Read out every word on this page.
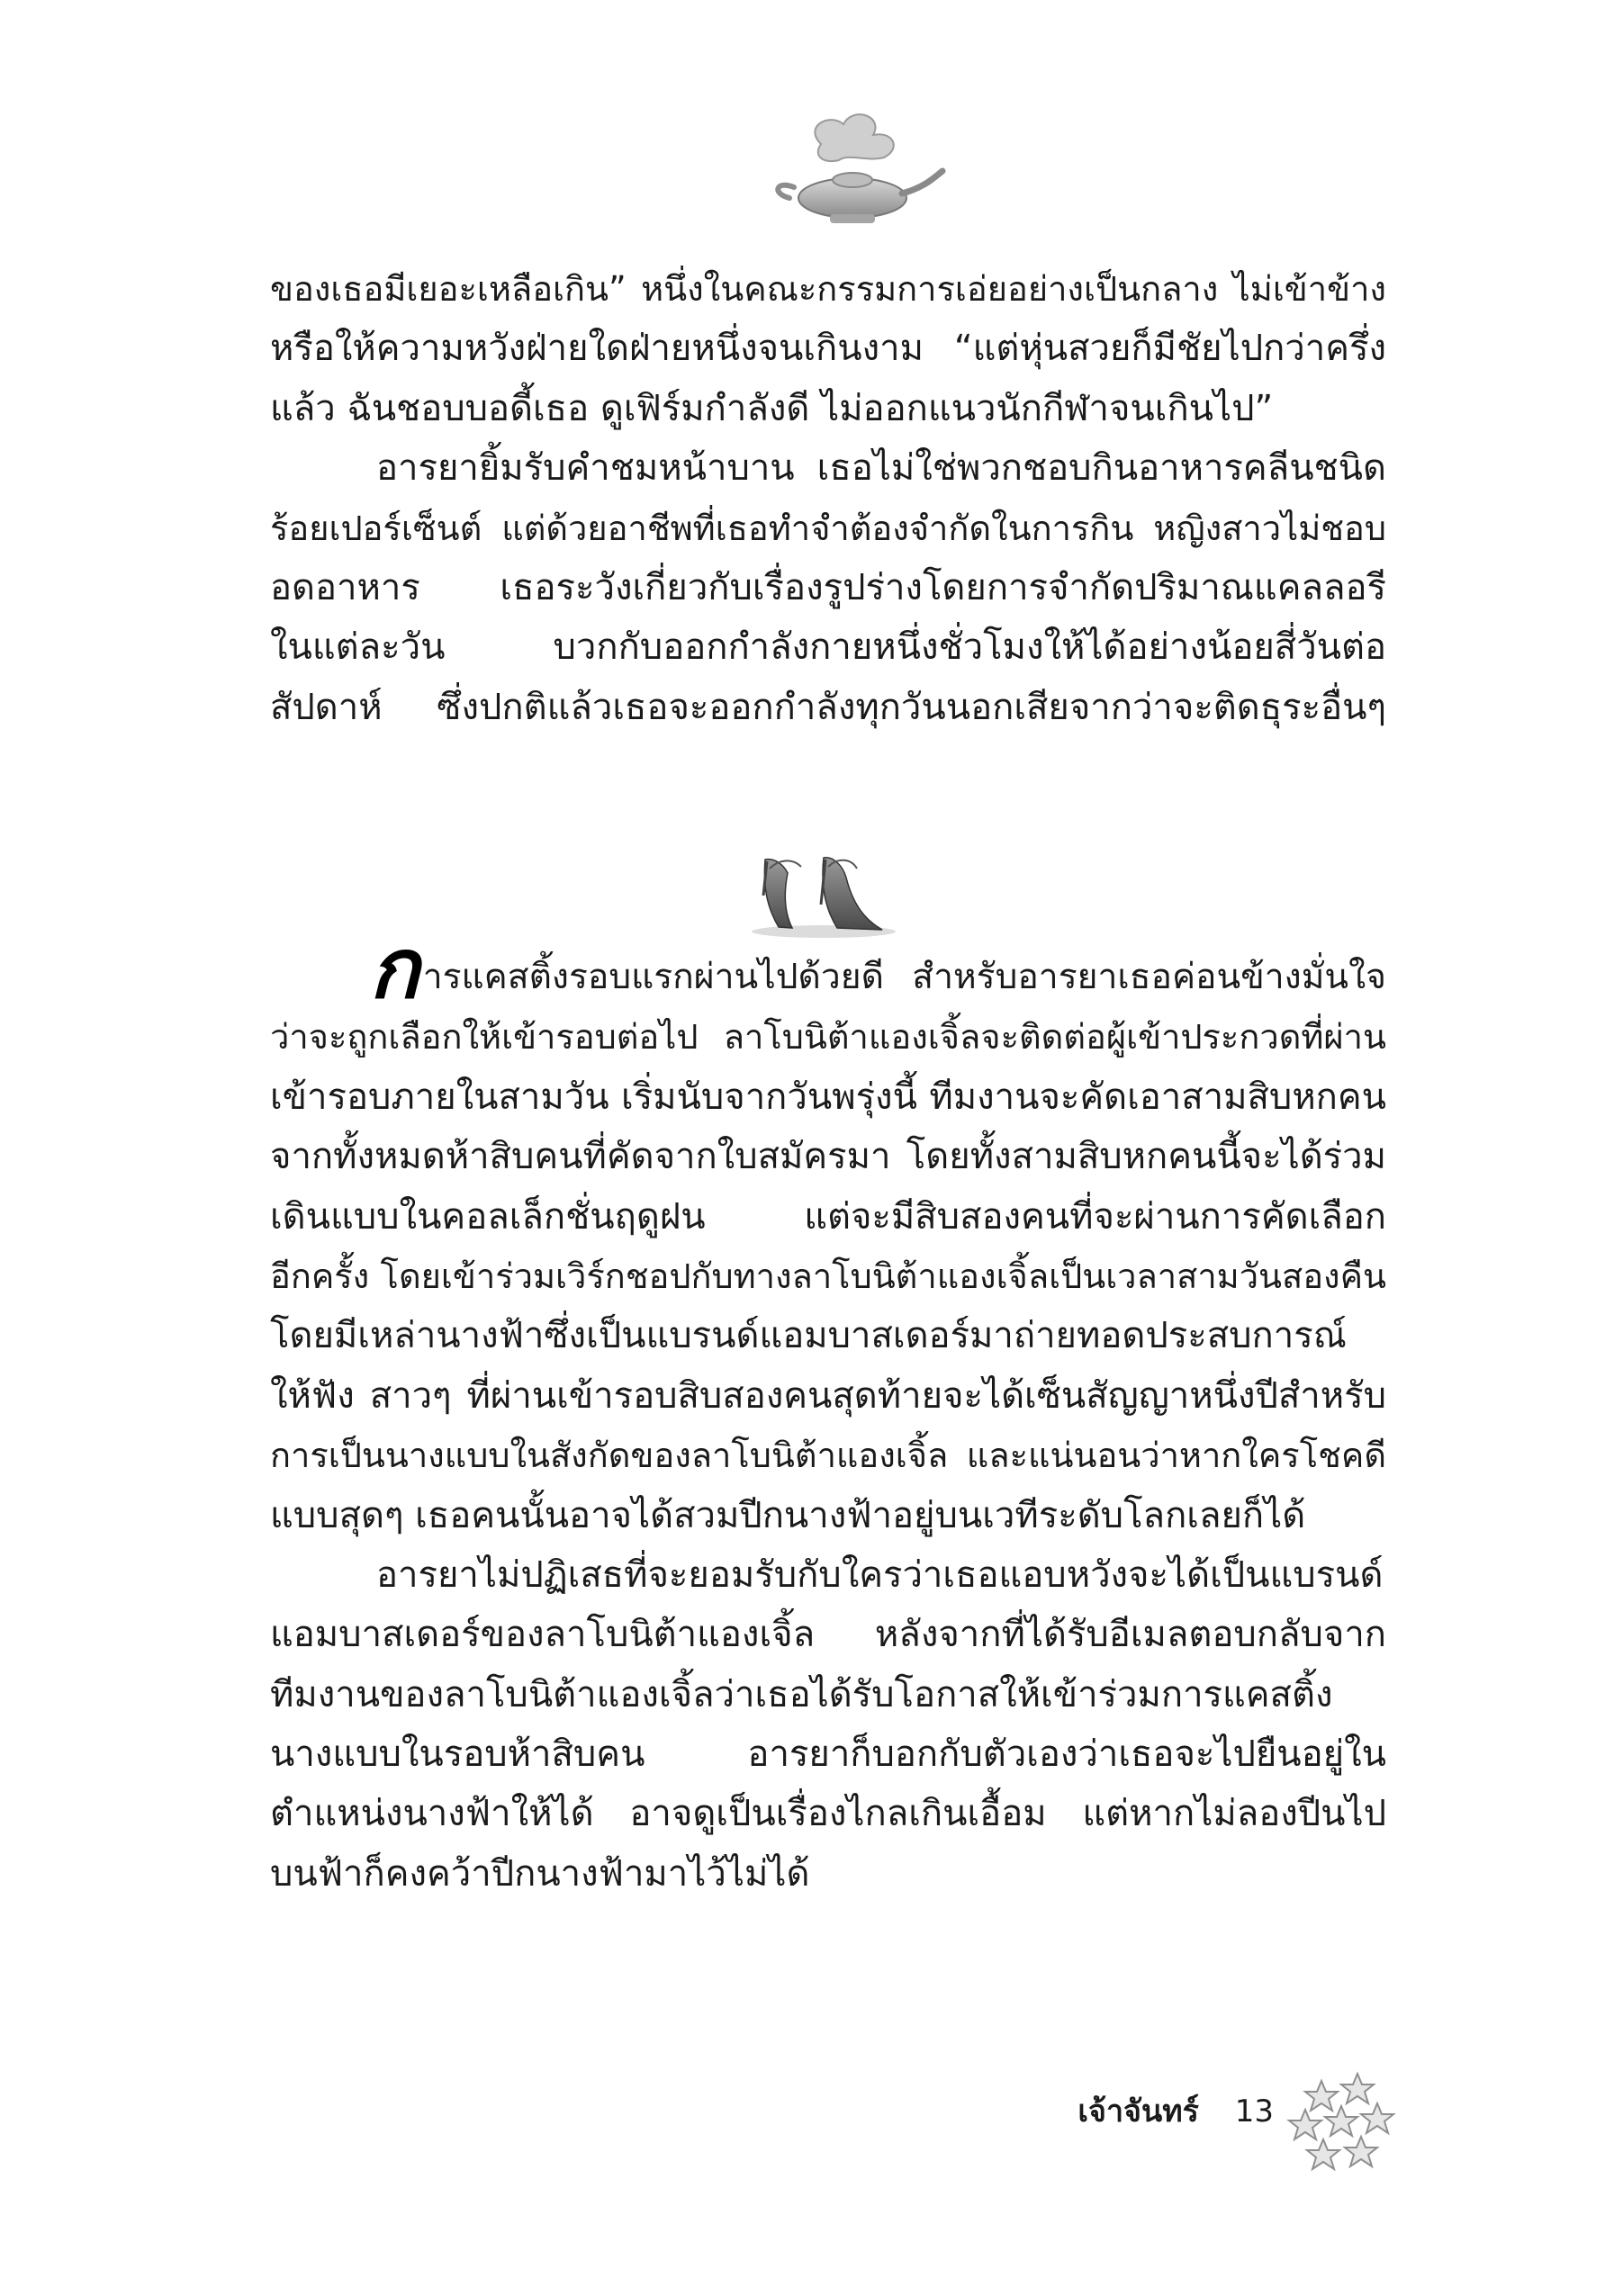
ของเธอมีเยอะเหลือเกิน” หนึ่งในคณะกรรมการเอ่ยอย่างเป็นกลาง ไม่เข้าข้าง
หรือให้ความหวังฝ่ายใดฝ่ายหนึ่งจนเกินงาม “แต่หุ่นสวยก็มีชัยไปกว่าครึ่ง
แล้ว ฉันชอบบอดี้เธอ ดูเฟิร์มกำลังดี ไม่ออกแนวนักกีฬาจนเกินไป”
อารยายิ้มรับคำชมหน้าบาน เธอไม่ใช่พวกชอบกินอาหารคลีนชนิด
ร้อยเปอร์เซ็นต์ แต่ด้วยอาชีพที่เธอทำจำต้องจำกัดในการกิน หญิงสาวไม่ชอบ
อดอาหาร เธอระวังเกี่ยวกับเรื่องรูปร่างโดยการจำกัดปริมาณแคลลอรี
ในแต่ละวัน บวกกับออกกำลังกายหนึ่งชั่วโมงให้ได้อย่างน้อยสี่วันต่อ
สัปดาห์ ซึ่งปกติแล้วเธอจะออกกำลังทุกวันนอกเสียจากว่าจะติดธุระอื่นๆ
การแคสติ้งรอบแรกผ่านไปด้วยดี สำหรับอารยาเธอค่อนข้างมั่นใจ
ว่าจะถูกเลือกให้เข้ารอบต่อไป ลาโบนิต้าแองเจิ้ลจะติดต่อผู้เข้าประกวดที่ผ่าน
เข้ารอบภายในสามวัน เริ่มนับจากวันพรุ่งนี้ ทีมงานจะคัดเอาสามสิบหกคน
จากทั้งหมดห้าสิบคนที่คัดจากใบสมัครมา โดยทั้งสามสิบหกคนนี้จะได้ร่วม
เดินแบบในคอลเล็กชั่นฤดูฝน แต่จะมีสิบสองคนที่จะผ่านการคัดเลือก
อีกครั้ง โดยเข้าร่วมเวิร์กชอปกับทางลาโบนิต้าแองเจิ้ลเป็นเวลาสามวันสองคืน
โดยมีเหล่านางฟ้าซึ่งเป็นแบรนด์แอมบาสเดอร์มาถ่ายทอดประสบการณ์
ให้ฟัง สาวๆ ที่ผ่านเข้ารอบสิบสองคนสุดท้ายจะได้เซ็นสัญญาหนึ่งปีสำหรับ
การเป็นนางแบบในสังกัดของลาโบนิต้าแองเจิ้ล และแน่นอนว่าหากใครโชคดี
แบบสุดๆ เธอคนนั้นอาจได้สวมปีกนางฟ้าอยู่บนเวทีระดับโลกเลยก็ได้
อารยาไม่ปฏิเสธที่จะยอมรับกับใครว่าเธอแอบหวังจะได้เป็นแบรนด์
แอมบาสเดอร์ของลาโบนิต้าแองเจิ้ล หลังจากที่ได้รับอีเมลตอบกลับจาก
ทีมงานของลาโบนิต้าแองเจิ้ลว่าเธอได้รับโอกาสให้เข้าร่วมการแคสติ้ง
นางแบบในรอบห้าสิบคน อารยาก็บอกกับตัวเองว่าเธอจะไปยืนอยู่ใน
ตำแหน่งนางฟ้าให้ได้ อาจดูเป็นเรื่องไกลเกินเอื้อม แต่หากไม่ลองปีนไป
บนฟ้าก็คงคว้าปีกนางฟ้ามาไว้ไม่ได้
เจ้าจันทร์ 13
